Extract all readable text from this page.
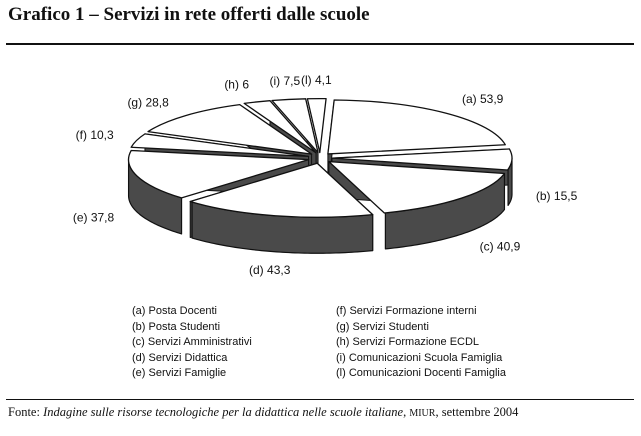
Grafico 1 – Servizi in rete offerti dalle scuole
(a) 53,9
(b) 15,5
(c) 40,9
(d) 43,3
(e) 37,8
(f) 10,3
(g) 28,8
(h) 6 (i) 7,5 (l) 4,1
(a) Posta Docenti
(b) Posta Studenti
(c) Servizi Amministrativi
(d) Servizi Didattica
(e) Servizi Famiglie
(f) Servizi Formazione interni
(g) Servizi Studenti
(h) Servizi Formazione ECDL
(i) Comunicazioni Scuola Famiglia
(l) Comunicazioni Docenti Famiglia
Fonte: Indagine sulle risorse tecnologiche per la didattica nelle scuole italiane, MIUR, settembre 2004
